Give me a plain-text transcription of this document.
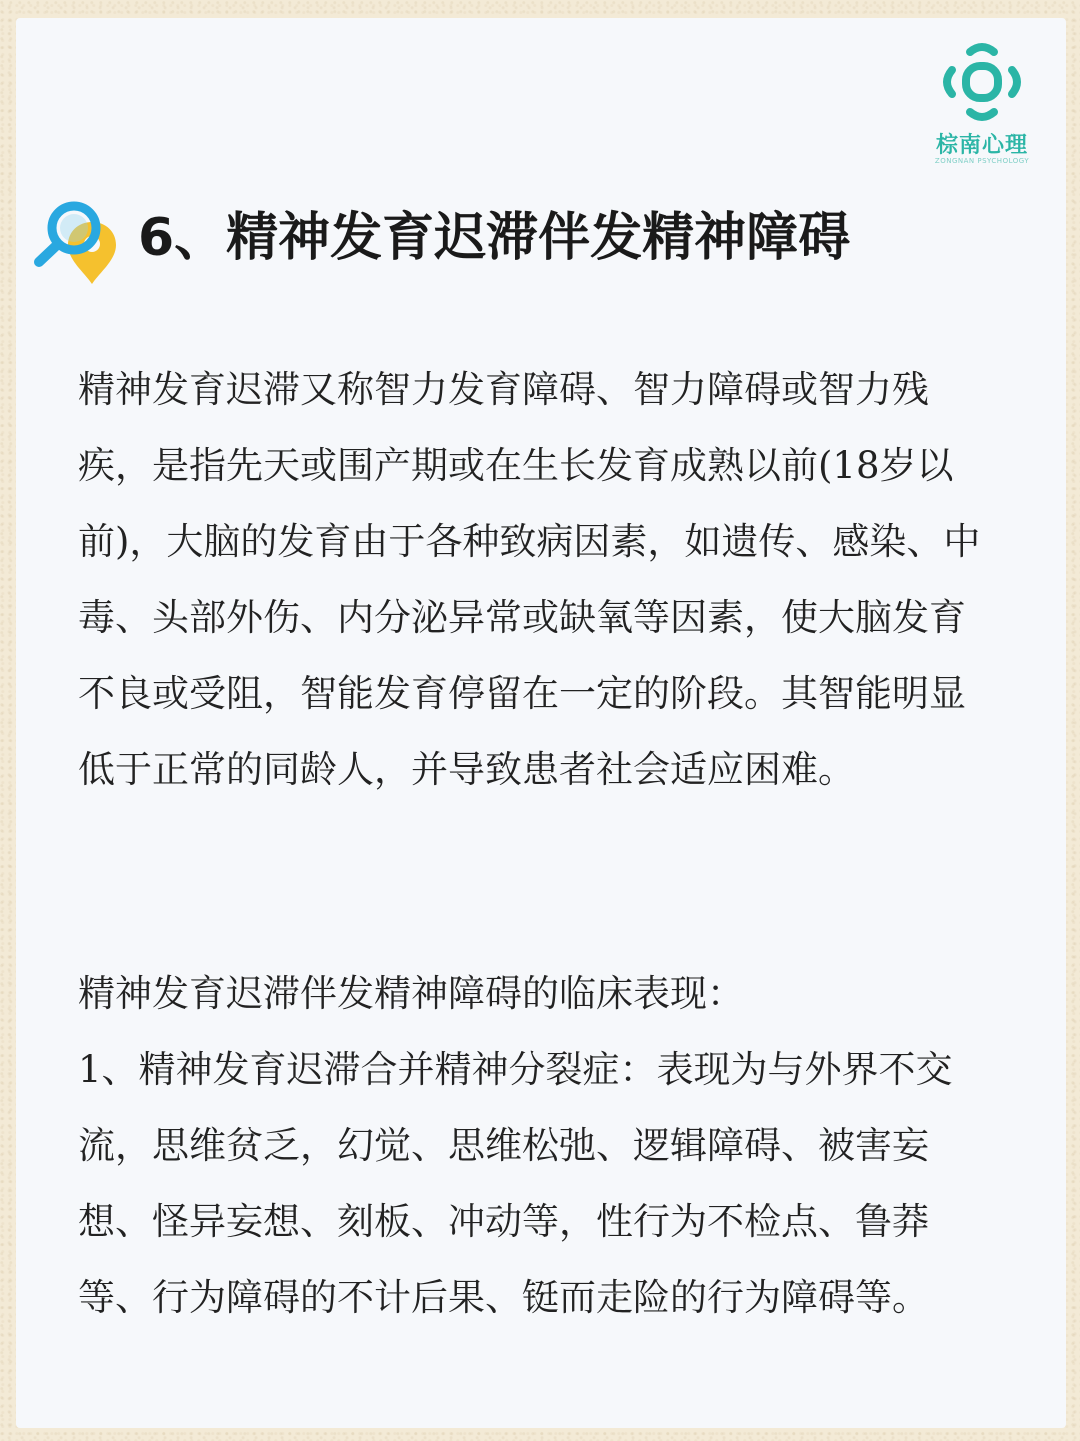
棕南心理
ZONGNAN PSYCHOLOGY
6、精神发育迟滞伴发精神障碍

精神发育迟滞又称智力发育障碍、智力障碍或智力残疾，是指先天或围产期或在生长发育成熟以前(18岁以前)，大脑的发育由于各种致病因素，如遗传、感染、中毒、头部外伤、内分泌异常或缺氧等因素，使大脑发育不良或受阻，智能发育停留在一定的阶段。其智能明显低于正常的同龄人，并导致患者社会适应困难。

精神发育迟滞伴发精神障碍的临床表现：

1、精神发育迟滞合并精神分裂症：表现为与外界不交流，思维贫乏，幻觉、思维松弛、逻辑障碍、被害妄想、怪异妄想、刻板、冲动等，性行为不检点、鲁莽等、行为障碍的不计后果、铤而走险的行为障碍等。
